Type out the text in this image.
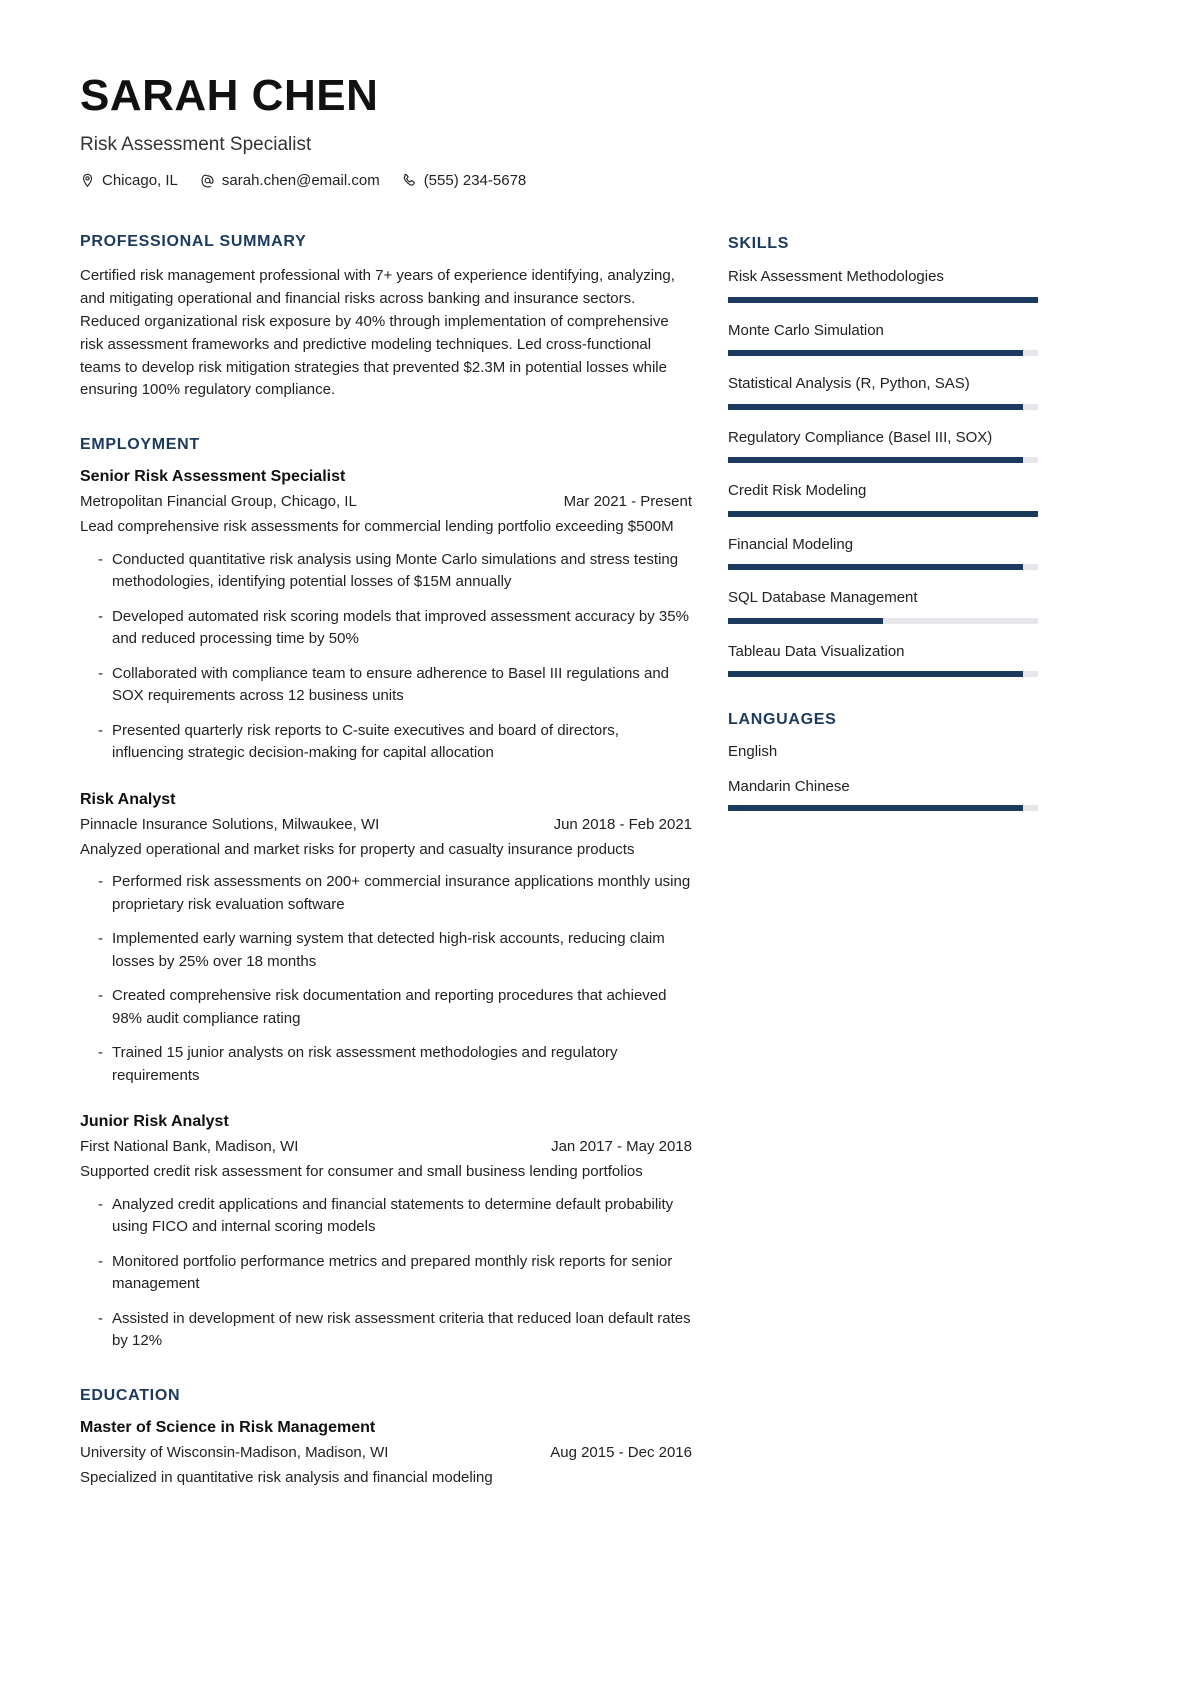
SARAH CHEN
Risk Assessment Specialist
Chicago, IL	sarah.chen@email.com	(555) 234-5678
PROFESSIONAL SUMMARY
Certified risk management professional with 7+ years of experience identifying, analyzing, and mitigating operational and financial risks across banking and insurance sectors. Reduced organizational risk exposure by 40% through implementation of comprehensive risk assessment frameworks and predictive modeling techniques. Led cross-functional teams to develop risk mitigation strategies that prevented $2.3M in potential losses while ensuring 100% regulatory compliance.
EMPLOYMENT
Senior Risk Assessment Specialist
Metropolitan Financial Group, Chicago, IL	Mar 2021 - Present
Lead comprehensive risk assessments for commercial lending portfolio exceeding $500M
- Conducted quantitative risk analysis using Monte Carlo simulations and stress testing methodologies, identifying potential losses of $15M annually
- Developed automated risk scoring models that improved assessment accuracy by 35% and reduced processing time by 50%
- Collaborated with compliance team to ensure adherence to Basel III regulations and SOX requirements across 12 business units
- Presented quarterly risk reports to C-suite executives and board of directors, influencing strategic decision-making for capital allocation
Risk Analyst
Pinnacle Insurance Solutions, Milwaukee, WI	Jun 2018 - Feb 2021
Analyzed operational and market risks for property and casualty insurance products
- Performed risk assessments on 200+ commercial insurance applications monthly using proprietary risk evaluation software
- Implemented early warning system that detected high-risk accounts, reducing claim losses by 25% over 18 months
- Created comprehensive risk documentation and reporting procedures that achieved 98% audit compliance rating
- Trained 15 junior analysts on risk assessment methodologies and regulatory requirements
Junior Risk Analyst
First National Bank, Madison, WI	Jan 2017 - May 2018
Supported credit risk assessment for consumer and small business lending portfolios
- Analyzed credit applications and financial statements to determine default probability using FICO and internal scoring models
- Monitored portfolio performance metrics and prepared monthly risk reports for senior management
- Assisted in development of new risk assessment criteria that reduced loan default rates by 12%
EDUCATION
Master of Science in Risk Management
University of Wisconsin-Madison, Madison, WI	Aug 2015 - Dec 2016
Specialized in quantitative risk analysis and financial modeling
SKILLS
Risk Assessment Methodologies
Monte Carlo Simulation
Statistical Analysis (R, Python, SAS)
Regulatory Compliance (Basel III, SOX)
Credit Risk Modeling
Financial Modeling
SQL Database Management
Tableau Data Visualization
LANGUAGES
English
Mandarin Chinese
